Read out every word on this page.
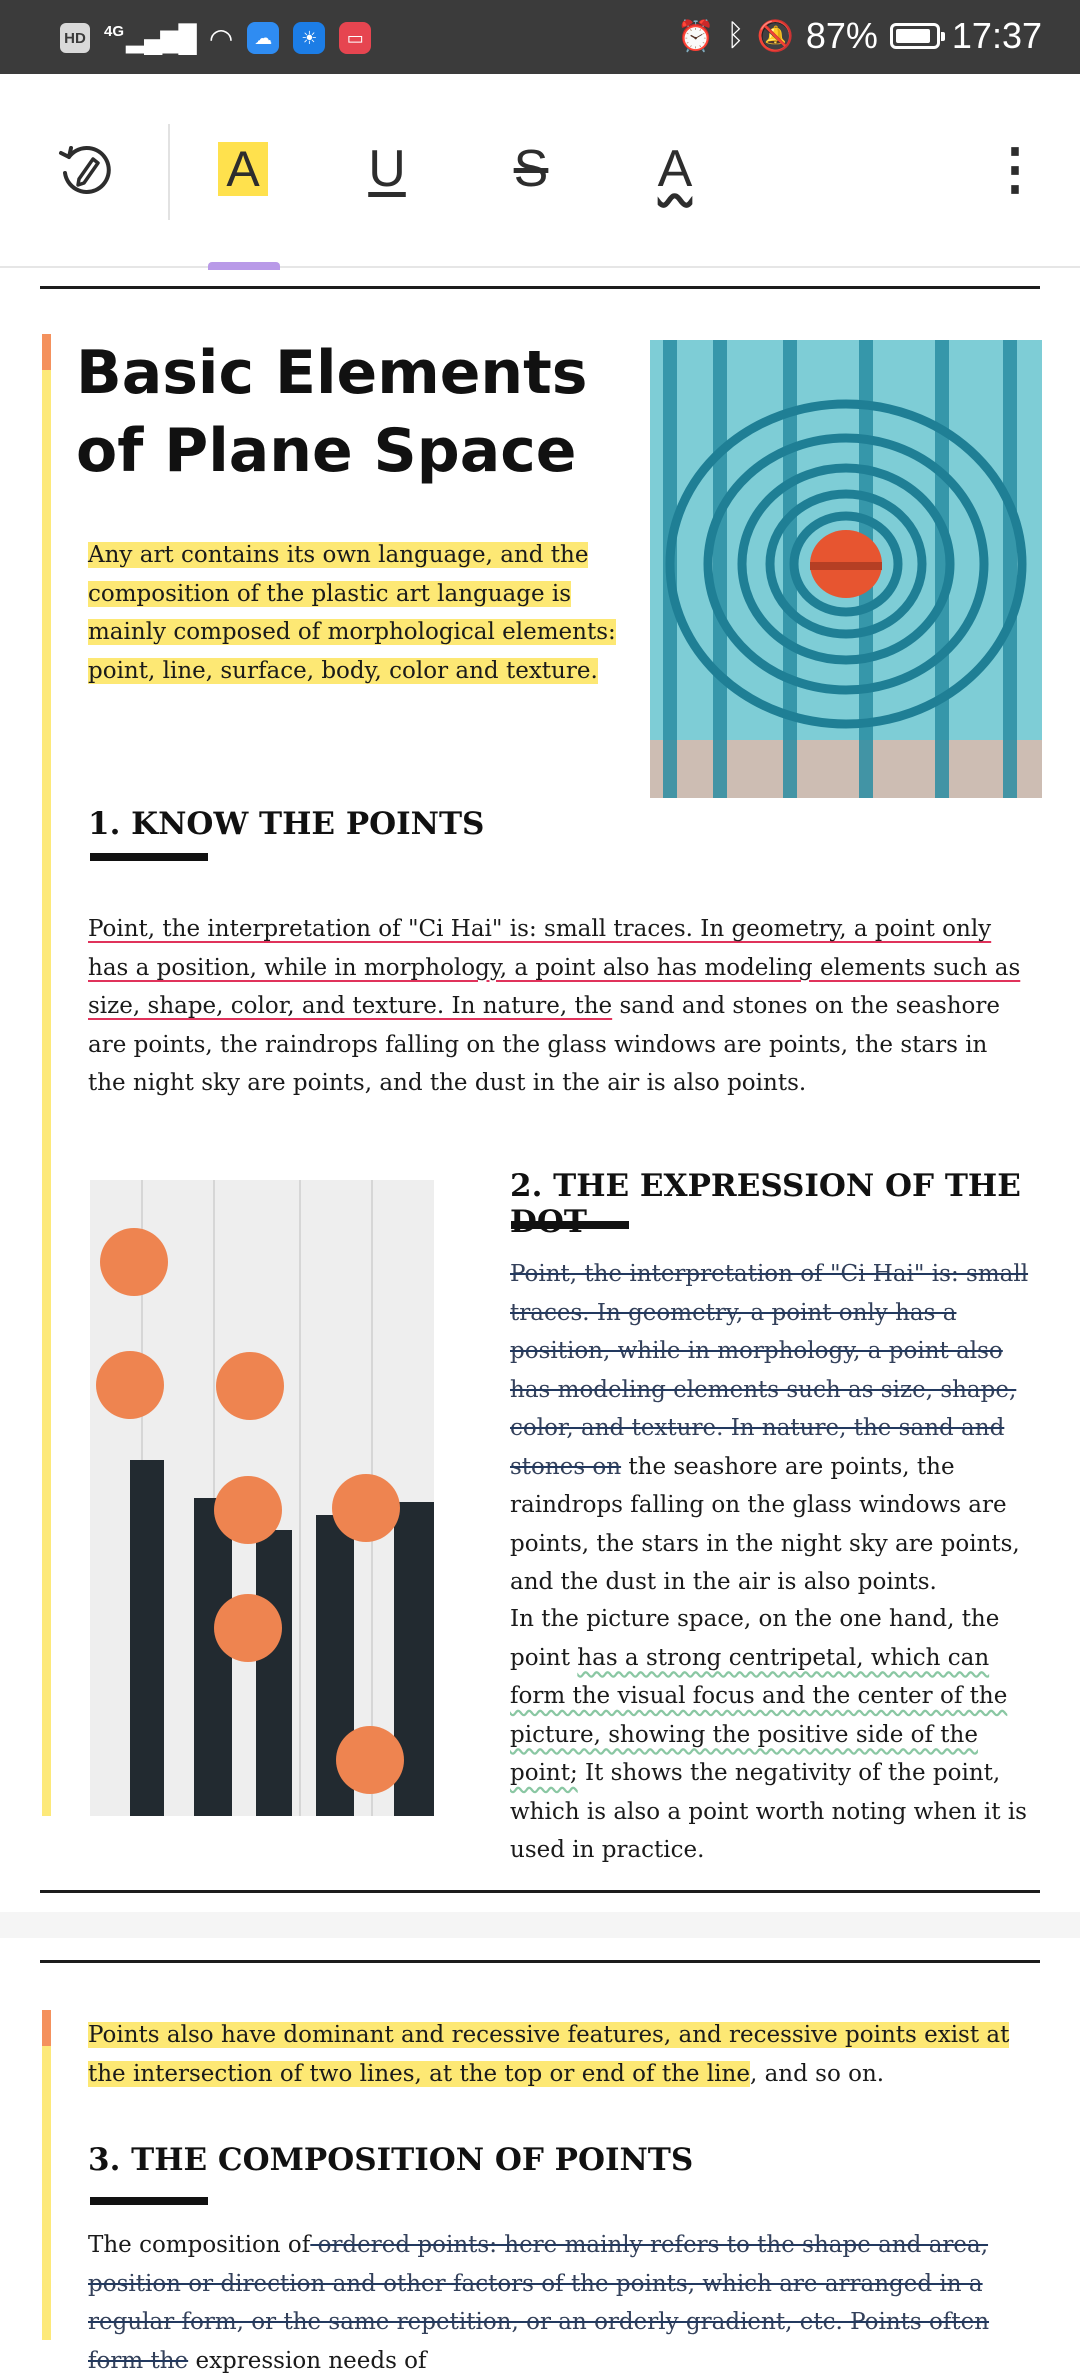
HD 4G ▂▄▆█ ◠	☁	☀	▭	⏰ ᛒ 🔕 87% 17:37
A U S A	⋮
Basic Elements of Plane Space

Any art contains its own language, and the composition of the plastic art language is mainly composed of morphological elements: point, line, surface, body, color and texture.

1. KNOW THE POINTS

Point, the interpretation of "Ci Hai" is: small traces. In geometry, a point only has a position, while in morphology, a point also has modeling elements such as size, shape, color, and texture. In nature, the sand and stones on the seashore are points, the raindrops falling on the glass windows are points, the stars in the night sky are points, and the dust in the air is also points.

2. THE EXPRESSION OF THE

Point, the interpretation of "Ci Hai" is: small traces. In geometry, a point only has a position, while in morphology, a point also has modeling elements such as size, shape, color, and texture. In nature, the sand and stones on the seashore are points, the raindrops falling on the glass windows are points, the stars in the night sky are points, and the dust in the air is also points.

In the picture space, on the one hand, the point has a strong centripetal, which can form the visual focus and the center of the picture, showing the positive side of the point; It shows the negativity of the point, which is also a point worth noting when it is used in practice.

Points also have dominant and recessive features, and recessive points exist at the intersection of two lines, at the top or end of the line, and so on.

3. THE COMPOSITION OF POINTS

The composition of ordered points: here mainly refers to the shape and area, position or direction and other factors of the points, which are arranged in a regular form, or the same repetition, or an orderly gradient, etc. Points often form the expression needs of
